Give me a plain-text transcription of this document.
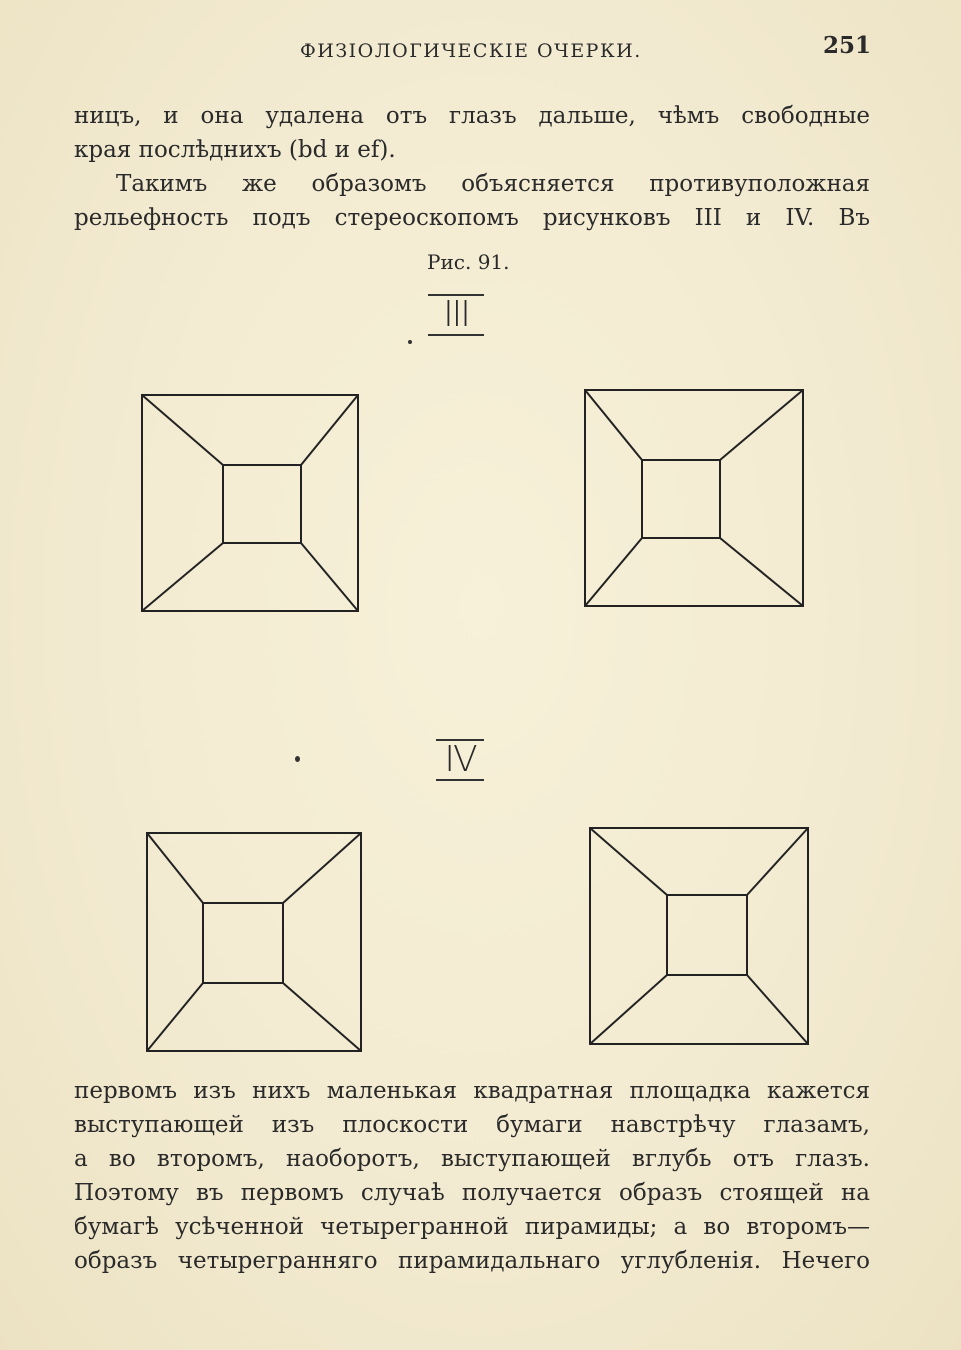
ФИЗІОЛОГИЧЕСКІЕ ОЧЕРКИ.	251
ницъ, и она удалена отъ глазъ дальше, чѣмъ свободные
края послѣднихъ (bd и ef).
Такимъ же образомъ объясняется противуположная
рельефность подъ стереоскопомъ рисунковъ III и IV. Въ
Рис. 91.
III
IV
первомъ изъ нихъ маленькая квадратная площадка кажется
выступающей изъ плоскости бумаги навстрѣчу глазамъ,
а во второмъ, наоборотъ, выступающей вглубь отъ глазъ.
Поэтому въ первомъ случаѣ получается образъ стоящей на
бумагѣ усѣченной четырегранной пирамиды; а во второмъ—
образъ четырегранняго пирамидальнаго углубленія. Нечего
